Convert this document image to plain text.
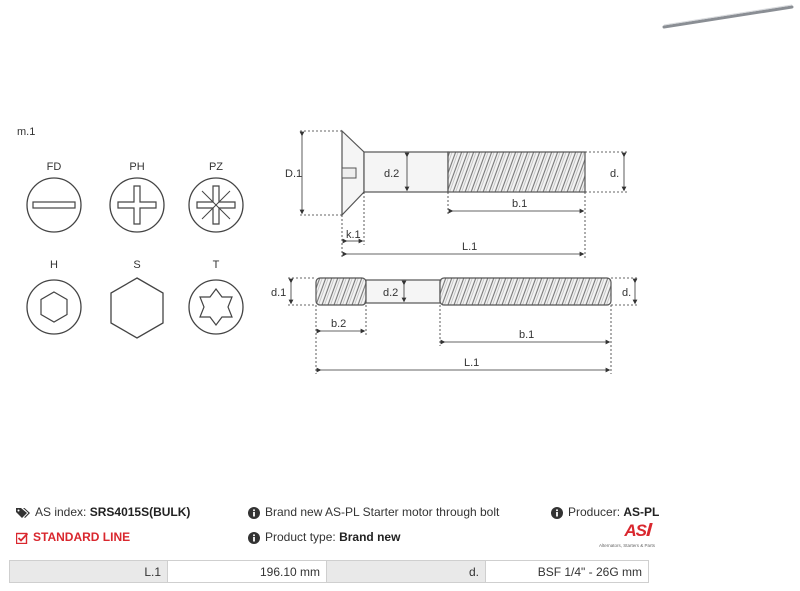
m.1
FD	PH	PZ
H	S	T
D.1	d.2	d.
b.1
k.1
L.1
d.1	d.2	d.
b.2
b.1
L.1
AS index: SRS4015S(BULK)
STANDARD LINE
Brand new AS-PL Starter motor through bolt
Product type: Brand new
Producer: AS-PL
AS
Alternators, Starters & Parts
L.1	196.10 mm	d.	BSF 1/4" - 26G mm
